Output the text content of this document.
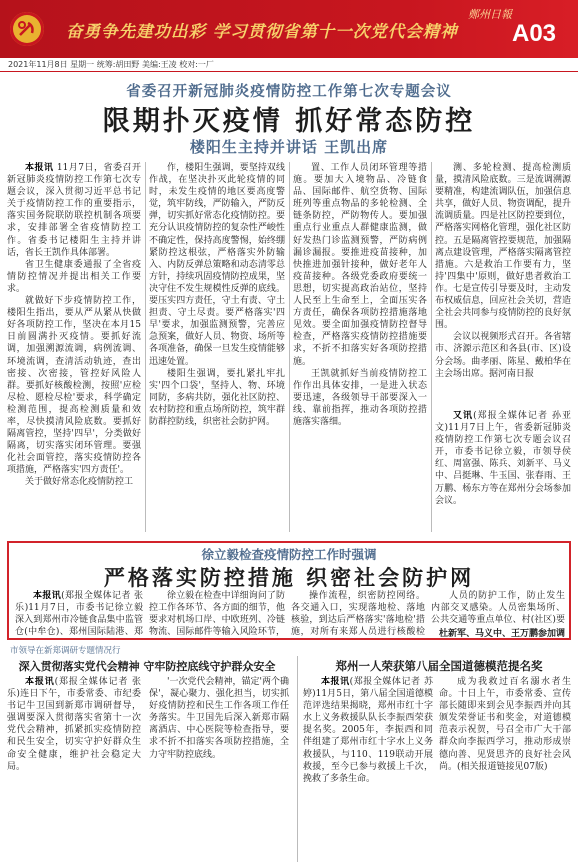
奋勇争先建功出彩 学习贯彻省第十一次党代会精神
鄭州日報
A03
2021年11月8日 星期一 统筹:胡田野 美编:王凌 校对:一厂
省委召开新冠肺炎疫情防控工作第七次专题会议
限期扑灭疫情 抓好常态防控
楼阳生主持并讲话 王凯出席

本报讯 11月7日，省委召开新冠肺炎疫情防控工作第七次专题会议，深入贯彻习近平总书记关于疫情防控工作的重要指示，落实国务院联防联控机制各项要求，安排部署全省疫情防控工作。省委书记楼阳生主持并讲话，省长王凯作具体部署。

省卫生健康委通报了全省疫情防控情况并提出相关工作要求。

就做好下步疫情防控工作，楼阳生指出，要从严从紧从快做好各项防控工作，坚决在本月15日前圆满扑灭疫情。要抓好流调，加强溯源流调，病例流调、环境流调，查清活动轨迹，查出密接、次密接，管控好风险人群。要抓好核酸检测，按照'应检尽检、愿检尽检'要求，科学确定检测范围，提高检测质量和效率，尽快摸清风险底数。要抓好隔离管控，坚持'四早'，分类做好隔离，切实落实闭环管理。要强化社会面管控，落实疫情防控各项措施，严格落实'四方责任'。

关于做好常态化疫情防控工

作，楼阳生强调，要坚持双线作战，在坚决扑灭此轮疫情的同时，未发生疫情的地区要高度警觉，筑牢防线，严防输入，严防反弹，切实抓好常态化疫情防控。要充分认识疫情防控的复杂性严峻性不确定性，保持高度警惕，始终绷紧防控这根弦，严格落实外防输入、内防反弹总策略和动态清零总方针，持续巩固疫情防控成果，坚决守住不发生规模性反弹的底线。要压实四方责任，守土有责、守土担责、守土尽责。要严格落实'四早'要求，加强监测预警，完善应急预案，做好人员、物资、场所等各项准备，确保一旦发生疫情能够迅速处置。

楼阳生强调，要扎紧扎牢扎实'四个口袋'，坚持人、物、环境同防，多病共防，强化社区防控、农村防控和重点场所防控，筑牢群防群控防线，织密社会防护网。

置、工作人员闭环管理等措施。要加大入境物品、冷链食品、国际邮件、航空货物、国际班列等重点物品的多轮检测、全链条防控，严防物传人。要加强重点行业重点人群健康监测，做好发热门诊监测预警，严防病例漏诊漏报。要推进疫苗接种，加快推进加强针接种，做好老年人疫苗接种。各级党委政府要统一思想，切实提高政治站位，坚持人民至上生命至上，全面压实各方责任，确保各项防控措施落地见效。要全面加强疫情防控督导检查，严格落实疫情防控措施要求，不折不扣落实好各项防控措施。

王凯就抓好当前疫情防控工作作出具体安排，一是进入状态要迅速，各级领导干部要深入一线、靠前指挥，推动各项防控措施落实落细。

测、多轮检测、提高检测质量，摸清风险底数。三是流调溯源要精准，构建流调队伍，加强信息共享，做好人员、物资调配，提升流调质量。四是社区防控要到位，严格落实网格化管理，强化社区防控。五是隔离管控要规范，加强隔离点建设管理，严格落实隔离管控措施。六是救治工作要有力，坚持'四集中'原则，做好患者救治工作。七是宣传引导要及时，主动发布权威信息，回应社会关切，营造全社会共同参与疫情防控的良好氛围。

会议以视频形式召开。各省辖市、济源示范区和各县(市、区)设分会场。曲孝丽、陈星、戴柏华在主会场出席。据河南日报

又讯(郑报全媒体记者 孙亚文)11月7日上午，省委新冠肺炎疫情防控工作第七次专题会议召开，市委书记徐立毅，市领导侯红、周富强、陈兵、刘新平、马义中、吕挺琳、牛玉国、张春雨、王万鹏、杨东方等在郑州分会场参加会议。

徐立毅检查疫情防控工作时强调
严格落实防控措施 织密社会防护网

本报讯(郑报全媒体记者 张乐)11月7日，市委书记徐立毅深入到郑州市冷链食品集中监管仓(中牟仓)、郑州国际陆港、郑

徐立毅在检查中详细询问了防控工作各环节、各方面的细节，他要求对机场口岸、中欧班列、冷链物流、国际邮件等输入风险环节，

操作流程，织密防控网络。各交通入口，实现落地检、落地核验，到达后严格落实'落地检'措施，对所有来郑人员进行核酸检

人员的防护工作，防止发生内部交叉感染。人员密集场所、公共交通等重点单位、村(社区)要

杜新军、马义中、王万鹏参加调

市领导在新郑调研专题情况行
深入贯彻落实党代会精神 守牢防控底线守护群众安全

本报讯(郑报全媒体记者 张乐)连日下午，市委常委、市纪委书记牛卫国到新郑市调研督导，强调要深入贯彻落实省第十一次党代会精神，抓紧抓实疫情防控和民生安全，切实守护好群众生命安全健康，维护社会稳定大局。

'一次党代会精神，锚定'两个确保'，凝心聚力、强化担当，切实抓好疫情防控和民生工作各项工作任务落实。牛卫国先后深入新郑市隔离酒店、中心医院等检查指导，要求不折不扣落实各项防控措施，全力守牢防控底线。

郑州一人荣获第八届全国道德模范提名奖

本报讯(郑报全媒体记者 苏婷)11月5日，第八届全国道德模范评选结果揭晓，郑州市红十字水上义务救援队队长李振西荣获提名奖。2005年，李振西和同伴组建了郑州市红十字水上义务救援队，与110、119联动开展救援，至今已参与救援上千次，挽救了多条生命。

成为我救过百名溺水者生命。十日上午，市委常委、宣传部长随即来到会见李振西并向其颁发荣誉证书和奖金，对道德模范表示祝贺，号召全市广大干部群众向李振西学习，推动形成崇德向善、见贤思齐的良好社会风尚。(相关报道链接见07版)
